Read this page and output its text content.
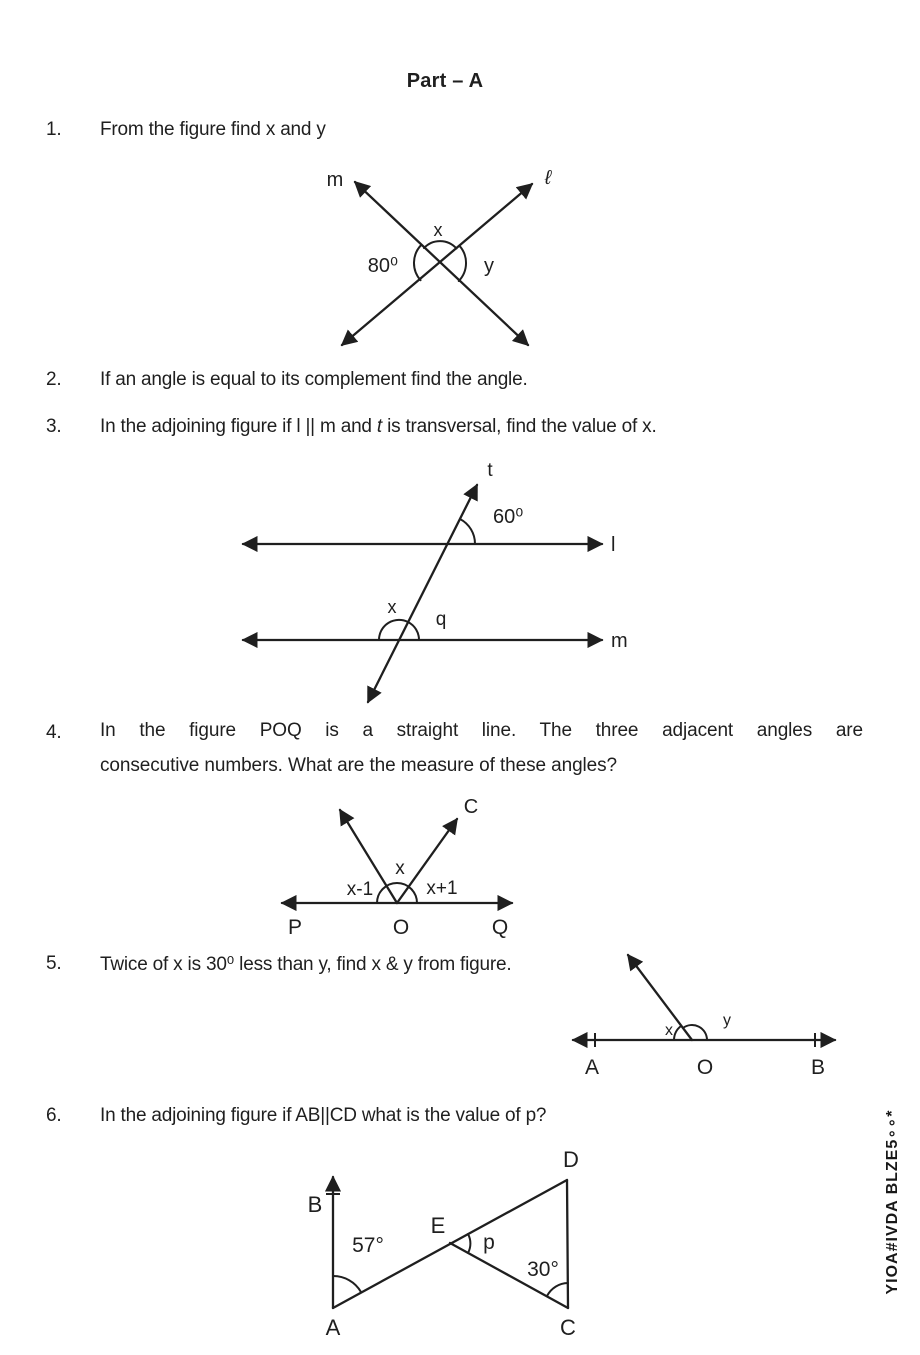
Part – A
1.	From the figure find x and y
m	ℓ
x
80⁰	y
2.	If an angle is equal to its complement find the angle.
3.	In the adjoining figure if l || m and t is transversal, find the value of x.
t
60⁰
l
m
x
q
4.	In the figure POQ is a straight line. The three adjacent angles are
consecutive numbers. What are the measure of these angles?
C
x-1
x
x+1
P	O	Q
5.	Twice of x is 30⁰ less than y, find x & y from figure.
x
y
A	O	B
6.	In the adjoining figure if AB||CD what is the value of p?
B
D
E
A	C
57°	p
30°	YIOA#IVDA BLZE5∘∘*
